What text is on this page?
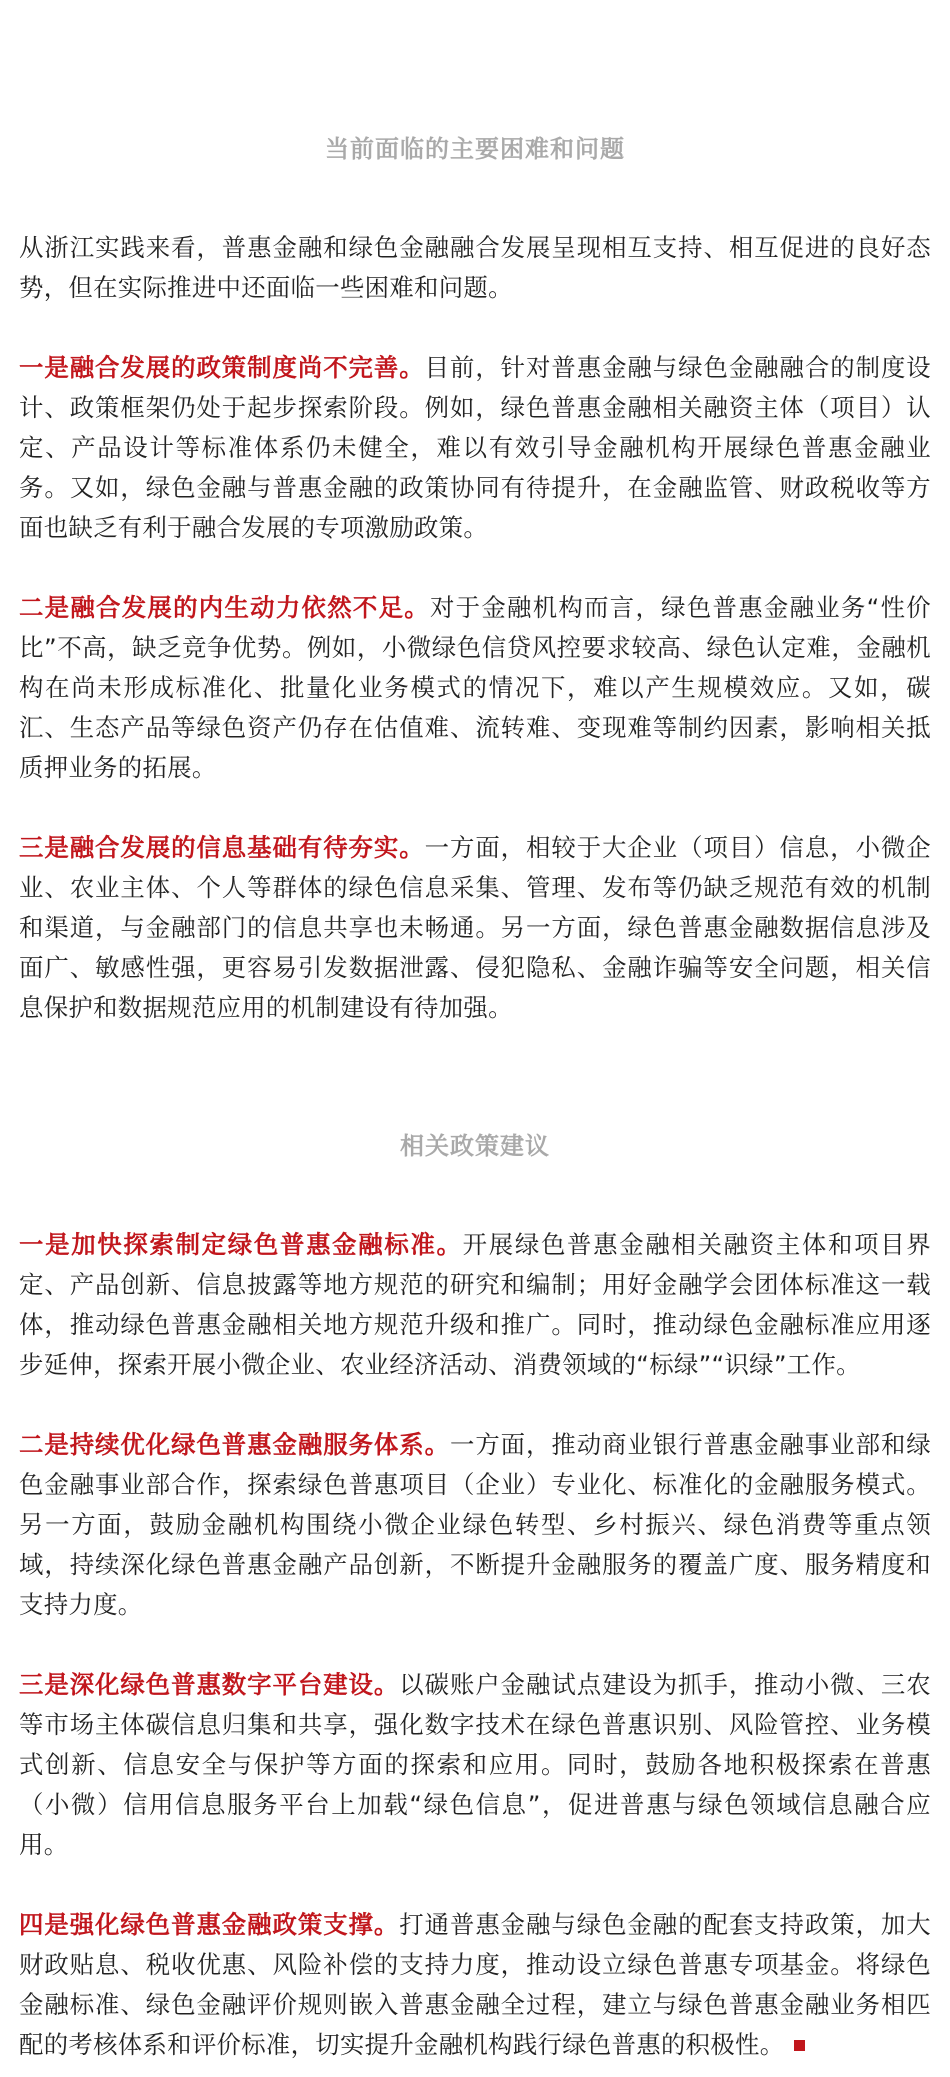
当前面临的主要困难和问题

从浙江实践来看，普惠金融和绿色金融融合发展呈现相互支持、相互促进的良好态势，但在实际推进中还面临一些困难和问题。

一是融合发展的政策制度尚不完善。目前，针对普惠金融与绿色金融融合的制度设计、政策框架仍处于起步探索阶段。例如，绿色普惠金融相关融资主体（项目）认定、产品设计等标准体系仍未健全，难以有效引导金融机构开展绿色普惠金融业务。又如，绿色金融与普惠金融的政策协同有待提升，在金融监管、财政税收等方面也缺乏有利于融合发展的专项激励政策。

二是融合发展的内生动力依然不足。对于金融机构而言，绿色普惠金融业务“性价比”不高，缺乏竞争优势。例如，小微绿色信贷风控要求较高、绿色认定难，金融机构在尚未形成标准化、批量化业务模式的情况下，难以产生规模效应。又如，碳汇、生态产品等绿色资产仍存在估值难、流转难、变现难等制约因素，影响相关抵质押业务的拓展。

三是融合发展的信息基础有待夯实。一方面，相较于大企业（项目）信息，小微企业、农业主体、个人等群体的绿色信息采集、管理、发布等仍缺乏规范有效的机制和渠道，与金融部门的信息共享也未畅通。另一方面，绿色普惠金融数据信息涉及面广、敏感性强，更容易引发数据泄露、侵犯隐私、金融诈骗等安全问题，相关信息保护和数据规范应用的机制建设有待加强。

相关政策建议

一是加快探索制定绿色普惠金融标准。开展绿色普惠金融相关融资主体和项目界定、产品创新、信息披露等地方规范的研究和编制；用好金融学会团体标准这一载体，推动绿色普惠金融相关地方规范升级和推广。同时，推动绿色金融标准应用逐步延伸，探索开展小微企业、农业经济活动、消费领域的“标绿”“识绿”工作。

二是持续优化绿色普惠金融服务体系。一方面，推动商业银行普惠金融事业部和绿色金融事业部合作，探索绿色普惠项目（企业）专业化、标准化的金融服务模式。另一方面，鼓励金融机构围绕小微企业绿色转型、乡村振兴、绿色消费等重点领域，持续深化绿色普惠金融产品创新，不断提升金融服务的覆盖广度、服务精度和支持力度。

三是深化绿色普惠数字平台建设。以碳账户金融试点建设为抓手，推动小微、三农等市场主体碳信息归集和共享，强化数字技术在绿色普惠识别、风险管控、业务模式创新、信息安全与保护等方面的探索和应用。同时，鼓励各地积极探索在普惠（小微）信用信息服务平台上加载“绿色信息”，促进普惠与绿色领域信息融合应用。

四是强化绿色普惠金融政策支撑。打通普惠金融与绿色金融的配套支持政策，加大财政贴息、税收优惠、风险补偿的支持力度，推动设立绿色普惠专项基金。将绿色金融标准、绿色金融评价规则嵌入普惠金融全过程，建立与绿色普惠金融业务相匹配的考核体系和评价标准，切实提升金融机构践行绿色普惠的积极性。
